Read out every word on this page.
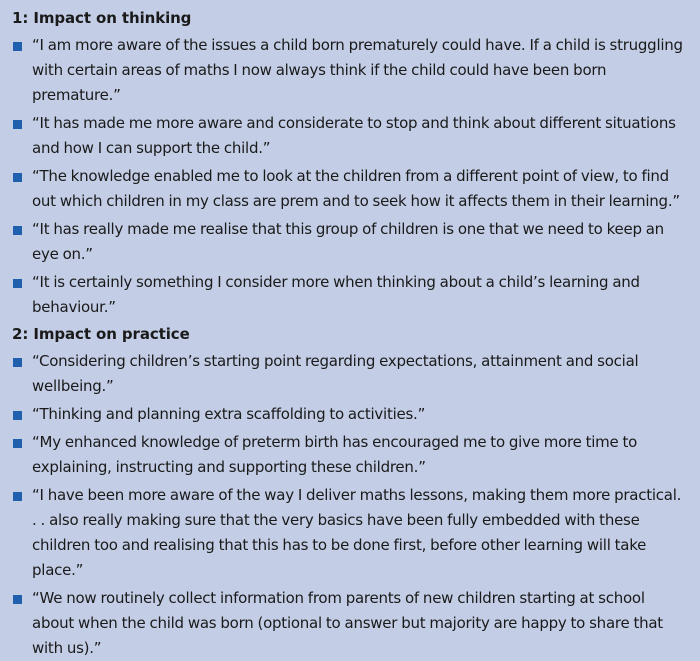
1: Impact on thinking
“I am more aware of the issues a child born prematurely could have. If a child is struggling with certain areas of maths I now always think if the child could have been born premature.”
“It has made me more aware and considerate to stop and think about different situations and how I can support the child.”
“The knowledge enabled me to look at the children from a different point of view, to find out which children in my class are prem and to seek how it affects them in their learning.”
“It has really made me realise that this group of children is one that we need to keep an eye on.”
“It is certainly something I consider more when thinking about a child’s learning and behaviour.”
2: Impact on practice
“Considering children’s starting point regarding expectations, attainment and social wellbeing.”
“Thinking and planning extra scaffolding to activities.”
“My enhanced knowledge of preterm birth has encouraged me to give more time to explaining, instructing and supporting these children.”
“I have been more aware of the way I deliver maths lessons, making them more practical. . . also really making sure that the very basics have been fully embedded with these children too and realising that this has to be done first, before other learning will take place.”
“We now routinely collect information from parents of new children starting at school about when the child was born (optional to answer but majority are happy to share that with us).”
